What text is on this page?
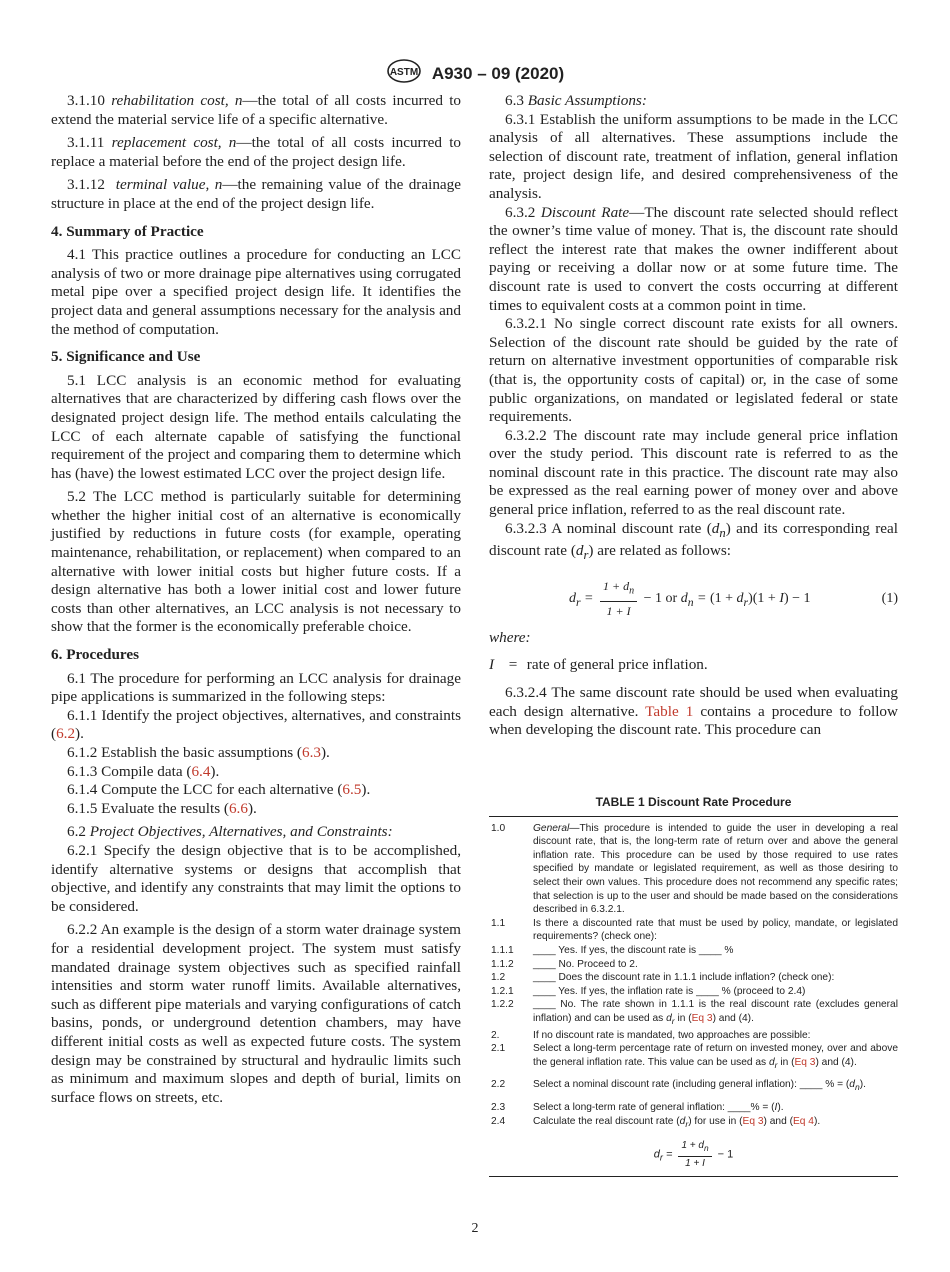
ASTM A930 – 09 (2020)

3.1.10 rehabilitation cost, n—the total of all costs incurred to extend the material service life of a specific alternative.

3.1.11 replacement cost, n—the total of all costs incurred to replace a material before the end of the project design life.

3.1.12 terminal value, n—the remaining value of the drainage structure in place at the end of the project design life.

4. Summary of Practice

4.1 This practice outlines a procedure for conducting an LCC analysis of two or more drainage pipe alternatives using corrugated metal pipe over a specified project design life. It identifies the project data and general assumptions necessary for the analysis and the method of computation.

5. Significance and Use

5.1 LCC analysis is an economic method for evaluating alternatives that are characterized by differing cash flows over the designated project design life. The method entails calculating the LCC of each alternate capable of satisfying the functional requirement of the project and comparing them to determine which has (have) the lowest estimated LCC over the project design life.

5.2 The LCC method is particularly suitable for determining whether the higher initial cost of an alternative is economically justified by reductions in future costs (for example, operating maintenance, rehabilitation, or replacement) when compared to an alternative with lower initial costs but higher future costs. If a design alternative has both a lower initial cost and lower future costs than other alternatives, an LCC analysis is not necessary to show that the former is the economically preferable choice.

6. Procedures

6.1 The procedure for performing an LCC analysis for drainage pipe applications is summarized in the following steps:

6.1.1 Identify the project objectives, alternatives, and constraints (6.2).

6.1.2 Establish the basic assumptions (6.3).

6.1.3 Compile data (6.4).

6.1.4 Compute the LCC for each alternative (6.5).

6.1.5 Evaluate the results (6.6).

6.2 Project Objectives, Alternatives, and Constraints:

6.2.1 Specify the design objective that is to be accomplished, identify alternative systems or designs that accomplish that objective, and identify any constraints that may limit the options to be considered.

6.2.2 An example is the design of a storm water drainage system for a residential development project. The system must satisfy mandated drainage system objectives such as specified rainfall intensities and storm water runoff limits. Available alternatives, such as different pipe materials and varying configurations of catch basins, ponds, or underground detention chambers, may have different initial costs as well as expected future costs. The system design may be constrained by structural and hydraulic limits such as minimum and maximum slopes and depth of burial, limits on surface flows on streets, etc.

6.3 Basic Assumptions:

6.3.1 Establish the uniform assumptions to be made in the LCC analysis of all alternatives. These assumptions include the selection of discount rate, treatment of inflation, general inflation rate, project design life, and desired comprehensiveness of the analysis.

6.3.2 Discount Rate—The discount rate selected should reflect the owner’s time value of money. That is, the discount rate should reflect the interest rate that makes the owner indifferent about paying or receiving a dollar now or at some future time. The discount rate is used to convert the costs occurring at different times to equivalent costs at a common point in time.

6.3.2.1 No single correct discount rate exists for all owners. Selection of the discount rate should be guided by the rate of return on alternative investment opportunities of comparable risk (that is, the opportunity costs of capital) or, in the case of some public organizations, on mandated or legislated federal or state requirements.

6.3.2.2 The discount rate may include general price inflation over the study period. This discount rate is referred to as the nominal discount rate in this practice. The discount rate may also be expressed as the real earning power of money over and above general price inflation, referred to as the real discount rate.

6.3.2.3 A nominal discount rate $(d_n)$ and its corresponding real discount rate $(d_r)$ are related as follows:

$d_r = \frac{1 + d_n}{1 + I} - 1$ or $d_n = (1 + d_r)(1 + I) - 1$	(1)
where:
I = rate of general price inflation.

6.3.2.4 The same discount rate should be used when evaluating each design alternative. Table 1 contains a procedure to follow when developing the discount rate. This procedure can

TABLE 1 Discount Rate Procedure
1.0	General—This procedure is intended to guide the user in developing a real discount rate, that is, the long-term rate of return over and above the general inflation rate. This procedure can be used by those required to use rates specified by mandate or legislated requirement, as well as those desiring to select their own values. This procedure does not recommend any specific rates; that selection is up to the user and should be made based on the considerations described in 6.3.2.1.
1.1	Is there a discounted rate that must be used by policy, mandate, or legislated requirements? (check one):
1.1.1	____ Yes. If yes, the discount rate is ____ %
1.1.2	____ No. Proceed to 2.
1.2	____ Does the discount rate in 1.1.1 include inflation? (check one):
1.2.1	____ Yes. If yes, the inflation rate is ____ % (proceed to 2.4)
1.2.2	____ No. The rate shown in 1.1.1 is the real discount rate (excludes general inflation) and can be used as $d_r$ in (Eq 3) and (4).
2.	If no discount rate is mandated, two approaches are possible:
2.1	Select a long-term percentage rate of return on invested money, over and above the general inflation rate. This value can be used as $d_r$ in (Eq 3) and (4).
2.2	Select a nominal discount rate (including general inflation): ____ % = $(d_n)$.
2.3	Select a long-term rate of general inflation: ____% = (I).
2.4	Calculate the real discount rate $(d_r)$ for use in (Eq 3) and (Eq 4).
$d_r = \frac{1 + d_n}{1 + I} - 1$
2
